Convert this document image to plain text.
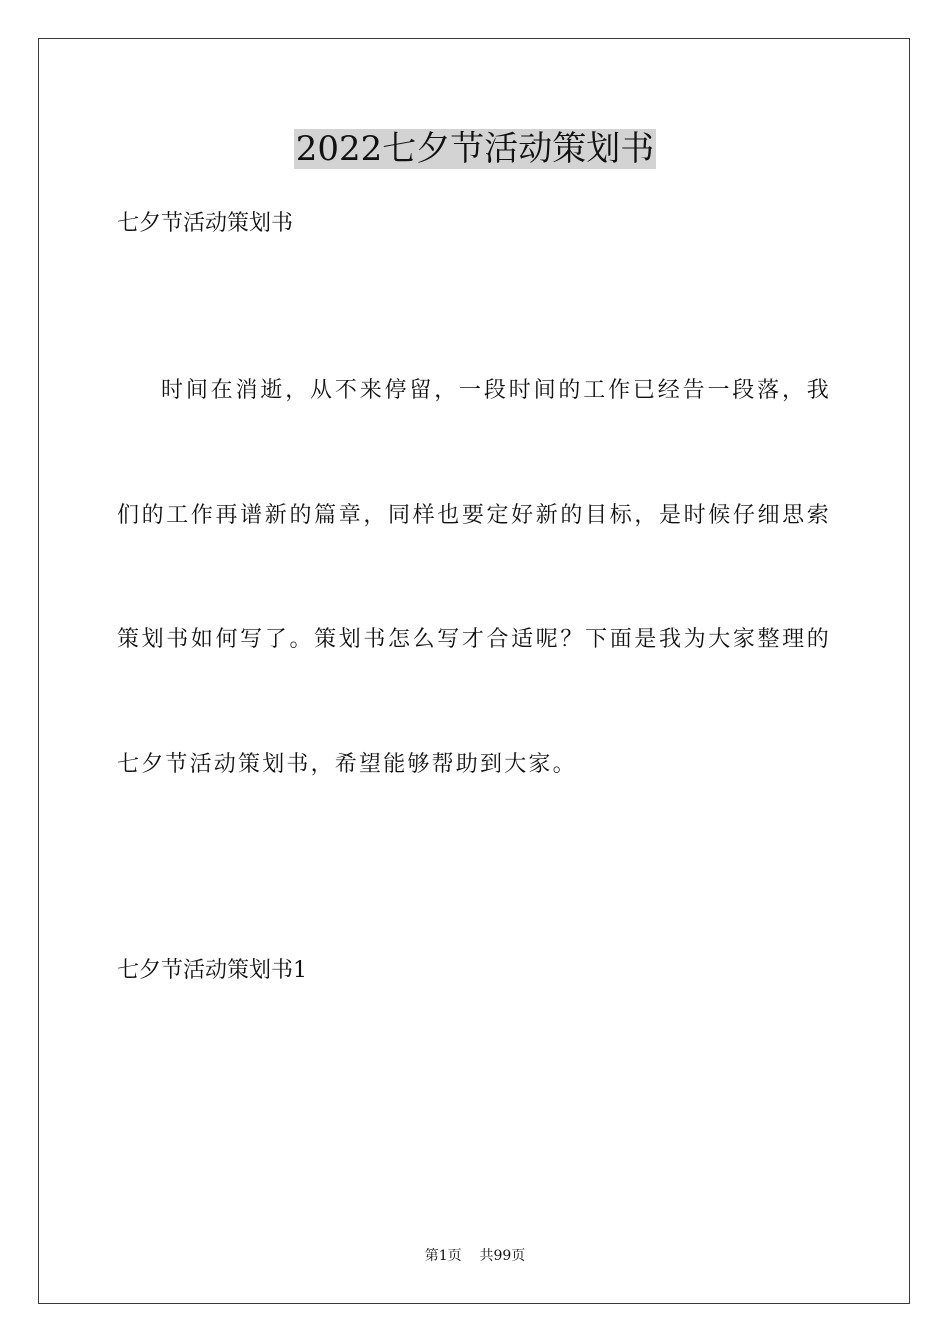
2022七夕节活动策划书

七夕节活动策划书

时间在消逝，从不来停留，一段时间的工作已经告一段落，我们的工作再谱新的篇章，同样也要定好新的目标，是时候仔细思索策划书如何写了。策划书怎么写才合适呢？下面是我为大家整理的七夕节活动策划书，希望能够帮助到大家。

七夕节活动策划书1

第1页 共99页
